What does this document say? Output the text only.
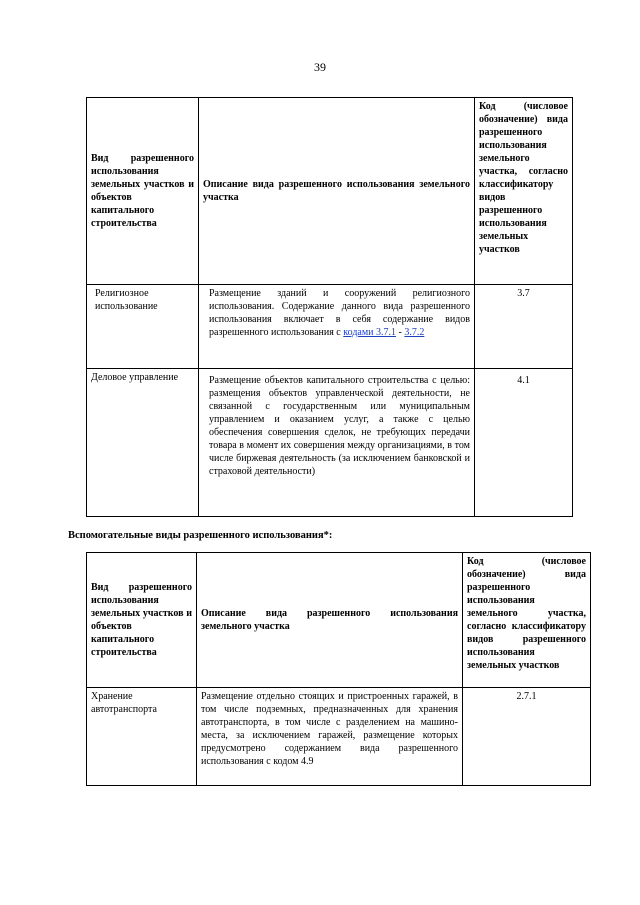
39
Вид разрешенного использования земельных участков и объектов капитального строительства	Описание вида разрешенного использования земельного участка	Код (числовое обозначение) вида разрешенного использования земельного участка, согласно классификатору видов разрешенного использования земельных участков
Религиозное использование	Размещение зданий и сооружений религиозного использования. Содержание данного вида разрешенного использования включает в себя содержание видов разрешенного использования с кодами 3.7.1 - 3.7.2	3.7
Деловое управление	Размещение объектов капитального строительства с целью: размещения объектов управленческой деятельности, не связанной с государственным или муниципальным управлением и оказанием услуг, а также с целью обеспечения совершения сделок, не требующих передачи товара в момент их совершения между организациями, в том числе биржевая деятельность (за исключением банковской и страховой деятельности)	4.1
Вспомогательные виды разрешенного использования*:
Вид разрешенного использования земельных участков и объектов капитального строительства	Описание вида разрешенного использования земельного участка	Код (числовое обозначение) вида разрешенного использования земельного участка, согласно классификатору видов разрешенного использования земельных участков
Хранение автотранспорта	Размещение отдельно стоящих и пристроенных гаражей, в том числе подземных, предназначенных для хранения автотранспорта, в том числе с разделением на машино-места, за исключением гаражей, размещение которых предусмотрено содержанием вида разрешенного использования с кодом 4.9	2.7.1
